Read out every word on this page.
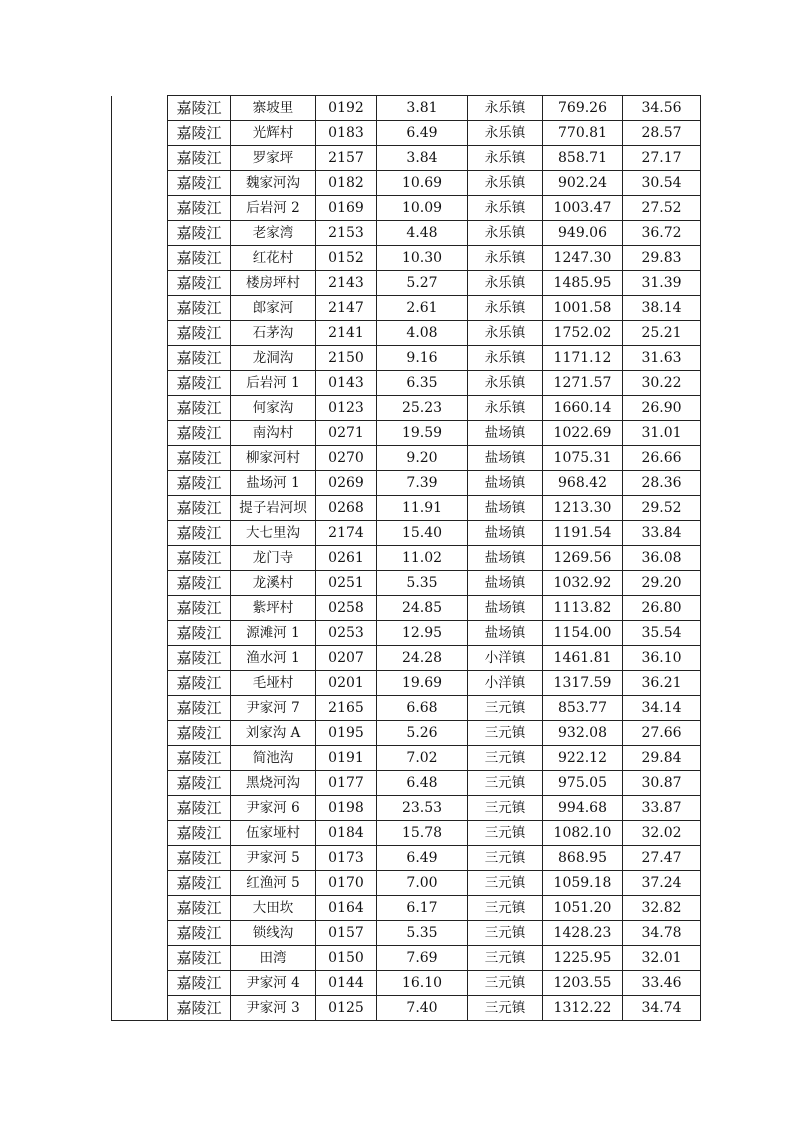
	嘉陵江	寨坡里	0192	3.81	永乐镇	769.26	34.56
	嘉陵江	光辉村	0183	6.49	永乐镇	770.81	28.57
	嘉陵江	罗家坪	2157	3.84	永乐镇	858.71	27.17
	嘉陵江	魏家河沟	0182	10.69	永乐镇	902.24	30.54
	嘉陵江	后岩河 2	0169	10.09	永乐镇	1003.47	27.52
	嘉陵江	老家湾	2153	4.48	永乐镇	949.06	36.72
	嘉陵江	红花村	0152	10.30	永乐镇	1247.30	29.83
	嘉陵江	楼房坪村	2143	5.27	永乐镇	1485.95	31.39
	嘉陵江	郎家河	2147	2.61	永乐镇	1001.58	38.14
	嘉陵江	石茅沟	2141	4.08	永乐镇	1752.02	25.21
	嘉陵江	龙洞沟	2150	9.16	永乐镇	1171.12	31.63
	嘉陵江	后岩河 1	0143	6.35	永乐镇	1271.57	30.22
	嘉陵江	何家沟	0123	25.23	永乐镇	1660.14	26.90
	嘉陵江	南沟村	0271	19.59	盐场镇	1022.69	31.01
	嘉陵江	柳家河村	0270	9.20	盐场镇	1075.31	26.66
	嘉陵江	盐场河 1	0269	7.39	盐场镇	968.42	28.36
	嘉陵江	提子岩河坝	0268	11.91	盐场镇	1213.30	29.52
	嘉陵江	大七里沟	2174	15.40	盐场镇	1191.54	33.84
	嘉陵江	龙门寺	0261	11.02	盐场镇	1269.56	36.08
	嘉陵江	龙溪村	0251	5.35	盐场镇	1032.92	29.20
	嘉陵江	紫坪村	0258	24.85	盐场镇	1113.82	26.80
	嘉陵江	源滩河 1	0253	12.95	盐场镇	1154.00	35.54
	嘉陵江	渔水河 1	0207	24.28	小洋镇	1461.81	36.10
	嘉陵江	毛垭村	0201	19.69	小洋镇	1317.59	36.21
	嘉陵江	尹家河 7	2165	6.68	三元镇	853.77	34.14
	嘉陵江	刘家沟 A	0195	5.26	三元镇	932.08	27.66
	嘉陵江	简池沟	0191	7.02	三元镇	922.12	29.84
	嘉陵江	黑烧河沟	0177	6.48	三元镇	975.05	30.87
	嘉陵江	尹家河 6	0198	23.53	三元镇	994.68	33.87
	嘉陵江	伍家垭村	0184	15.78	三元镇	1082.10	32.02
	嘉陵江	尹家河 5	0173	6.49	三元镇	868.95	27.47
	嘉陵江	红渔河 5	0170	7.00	三元镇	1059.18	37.24
	嘉陵江	大田坎	0164	6.17	三元镇	1051.20	32.82
	嘉陵江	锁线沟	0157	5.35	三元镇	1428.23	34.78
	嘉陵江	田湾	0150	7.69	三元镇	1225.95	32.01
	嘉陵江	尹家河 4	0144	16.10	三元镇	1203.55	33.46
	嘉陵江	尹家河 3	0125	7.40	三元镇	1312.22	34.74
